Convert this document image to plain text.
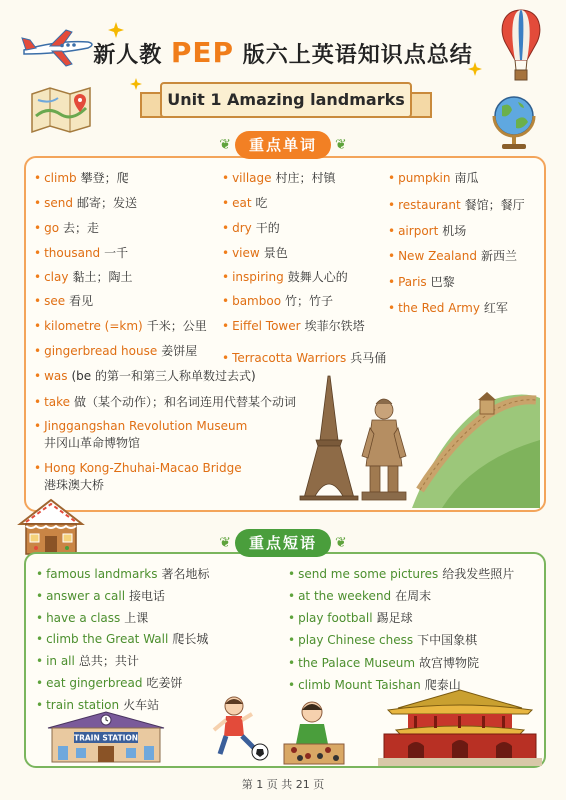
新人教 PEP 版六上英语知识点总结
Unit 1 Amazing landmarks
❦	重点单词	❦
• climb 攀登；爬
• send 邮寄；发送
• go 去；走
• thousand 一千
• clay 黏土；陶土
• see 看见
• kilometre (=km) 千米；公里
• gingerbread house 姜饼屋
• village 村庄；村镇
• eat 吃
• dry 干的
• view 景色
• inspiring 鼓舞人心的
• bamboo 竹；竹子
• Eiffel Tower 埃菲尔铁塔
• Terracotta Warriors 兵马俑
• pumpkin 南瓜
• restaurant 餐馆；餐厅
• airport 机场
• New Zealand 新西兰
• Paris 巴黎
• the Red Army 红军
• was (be 的第一和第三人称单数过去式)
• take 做（某个动作）；和名词连用代替某个动词
• Jinggangshan Revolution Museum
井冈山革命博物馆
• Hong Kong-Zhuhai-Macao Bridge
港珠澳大桥
❦	重点短语	❦
• famous landmarks 著名地标
• answer a call 接电话
• have a class 上课
• climb the Great Wall 爬长城
• in all 总共；共计
• eat gingerbread 吃姜饼
• train station 火车站
• send me some pictures 给我发些照片
• at the weekend 在周末
• play football 踢足球
• play Chinese chess 下中国象棋
• the Palace Museum 故宫博物院
• climb Mount Taishan 爬泰山
TRAIN STATION
第 1 页 共 21 页
